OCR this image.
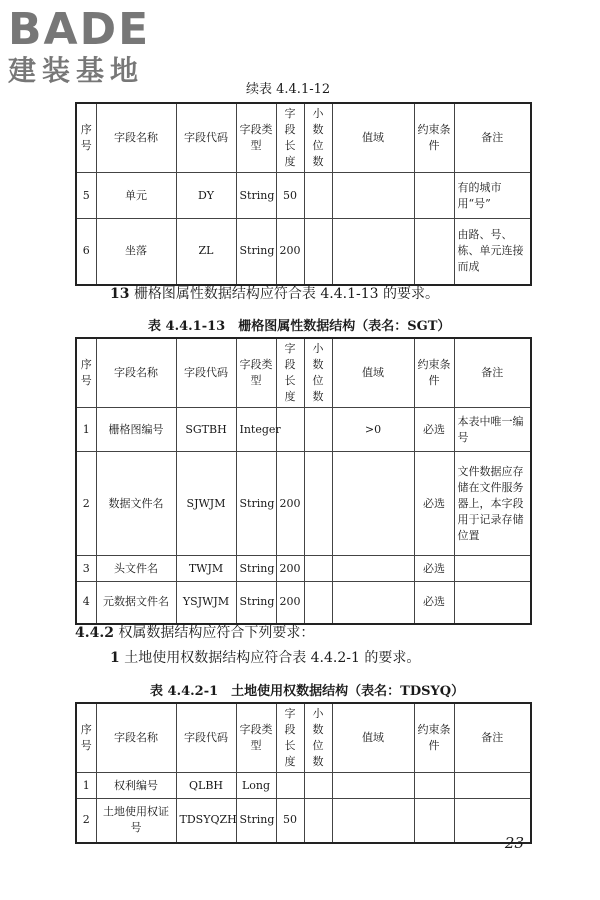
BADE
建装基地
续表 4.4.1-12
序号	字段名称	字段代码	字段类型	字段长度	小数位数	值域	约束条件	备注
5	单元	DY	String	50				有的城市用“号”
6	坐落	ZL	String	200				由路、号、栋、单元连接而成
13 栅格图属性数据结构应符合表 4.4.1-13 的要求。
表 4.4.1-13　栅格图属性数据结构（表名：SGT）
序号	字段名称	字段代码	字段类型	字段长度	小数位数	值域	约束条件	备注
1	栅格图编号	SGTBH	Integer			>0	必选	本表中唯一编号
2	数据文件名	SJWJM	String	200			必选	文件数据应存储在文件服务器上，本字段用于记录存储位置
3	头文件名	TWJM	String	200			必选	
4	元数据文件名	YSJWJM	String	200			必选	
4.4.2 权属数据结构应符合下列要求：
1 土地使用权数据结构应符合表 4.4.2-1 的要求。
表 4.4.2-1　土地使用权数据结构（表名：TDSYQ）
序号	字段名称	字段代码	字段类型	字段长度	小数位数	值域	约束条件	备注
1	权利编号	QLBH	Long					
2	土地使用权证号	TDSYQZH	String	50				
23
